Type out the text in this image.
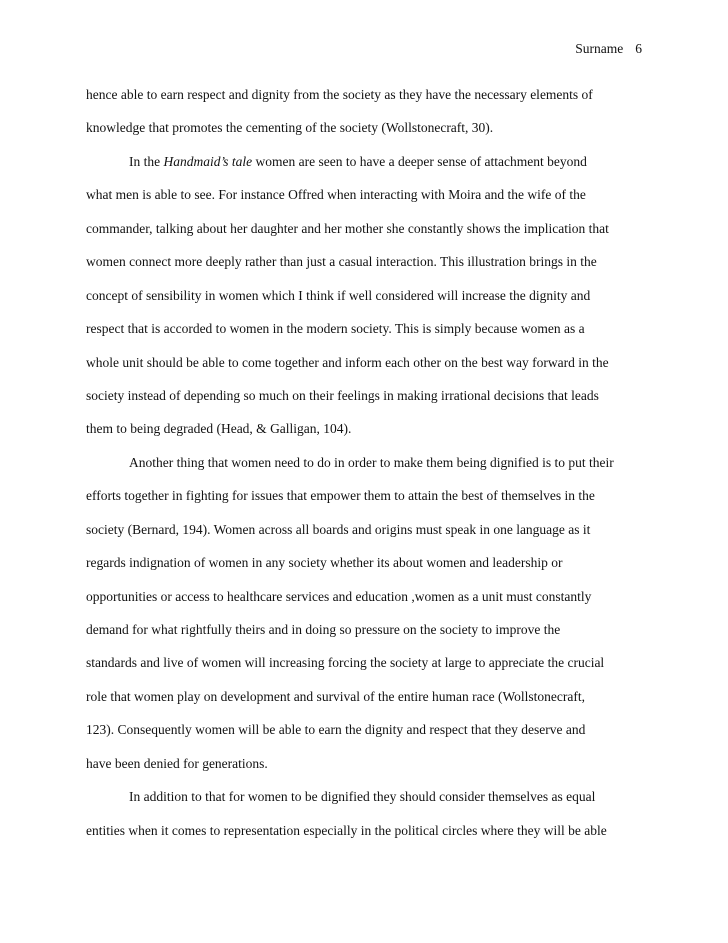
Surname 6
hence able to earn respect and dignity from the society as they have the necessary elements of
knowledge that promotes the cementing of the society (Wollstonecraft, 30).
In the Handmaid’s tale women are seen to have a deeper sense of attachment beyond
what men is able to see. For instance Offred when interacting with Moira and the wife of the
commander, talking about her daughter and her mother she constantly shows the implication that
women connect more deeply rather than just a casual interaction. This illustration brings in the
concept of sensibility in women which I think if well considered will increase the dignity and
respect that is accorded to women in the modern society. This is simply because women as a
whole unit should be able to come together and inform each other on the best way forward in the
society instead of depending so much on their feelings in making irrational decisions that leads
them to being degraded (Head, & Galligan, 104).
Another thing that women need to do in order to make them being dignified is to put their
efforts together in fighting for issues that empower them to attain the best of themselves in the
society (Bernard, 194). Women across all boards and origins must speak in one language as it
regards indignation of women in any society whether its about women and leadership or
opportunities or access to healthcare services and education ,women as a unit must constantly
demand for what rightfully theirs and in doing so pressure on the society to improve the
standards and live of women will increasing forcing the society at large to appreciate the crucial
role that women play on development and survival of the entire human race (Wollstonecraft,
123). Consequently women will be able to earn the dignity and respect that they deserve and
have been denied for generations.
In addition to that for women to be dignified they should consider themselves as equal
entities when it comes to representation especially in the political circles where they will be able
